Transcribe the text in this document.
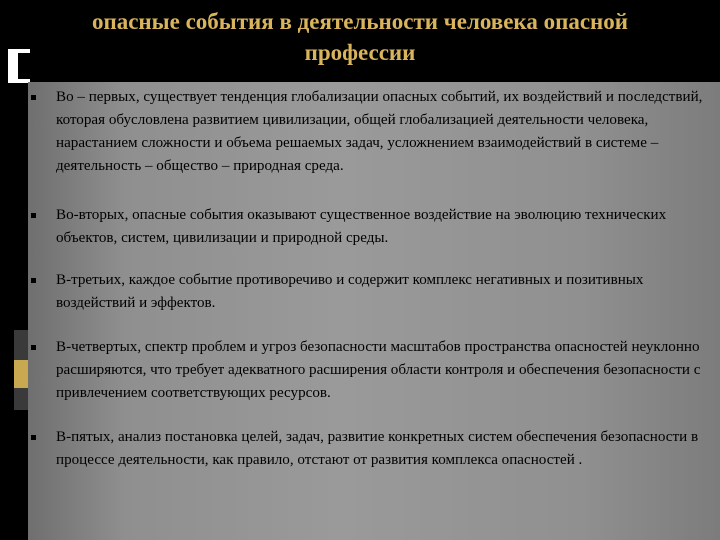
опасные события в деятельности человека опасной профессии
Во – первых, существует тенденция глобализации опасных событий, их воздействий и последствий, которая обусловлена развитием цивилизации, общей глобализацией деятельности человека, нарастанием сложности и объема решаемых задач, усложнением взаимодействий в системе – деятельность – общество – природная среда.
Во-вторых, опасные события оказывают существенное воздействие на эволюцию технических объектов, систем, цивилизации и природной среды.
В-третьих, каждое событие противоречиво и содержит комплекс негативных и позитивных воздействий и эффектов.
В-четвертых, спектр проблем и угроз безопасности масштабов пространства опасностей неуклонно расширяются, что требует адекватного расширения области контроля и обеспечения безопасности с привлечением соответствующих ресурсов.
В-пятых, анализ постановка целей, задач, развитие конкретных систем обеспечения безопасности в процессе деятельности, как правило, отстают от развития комплекса опасностей .
